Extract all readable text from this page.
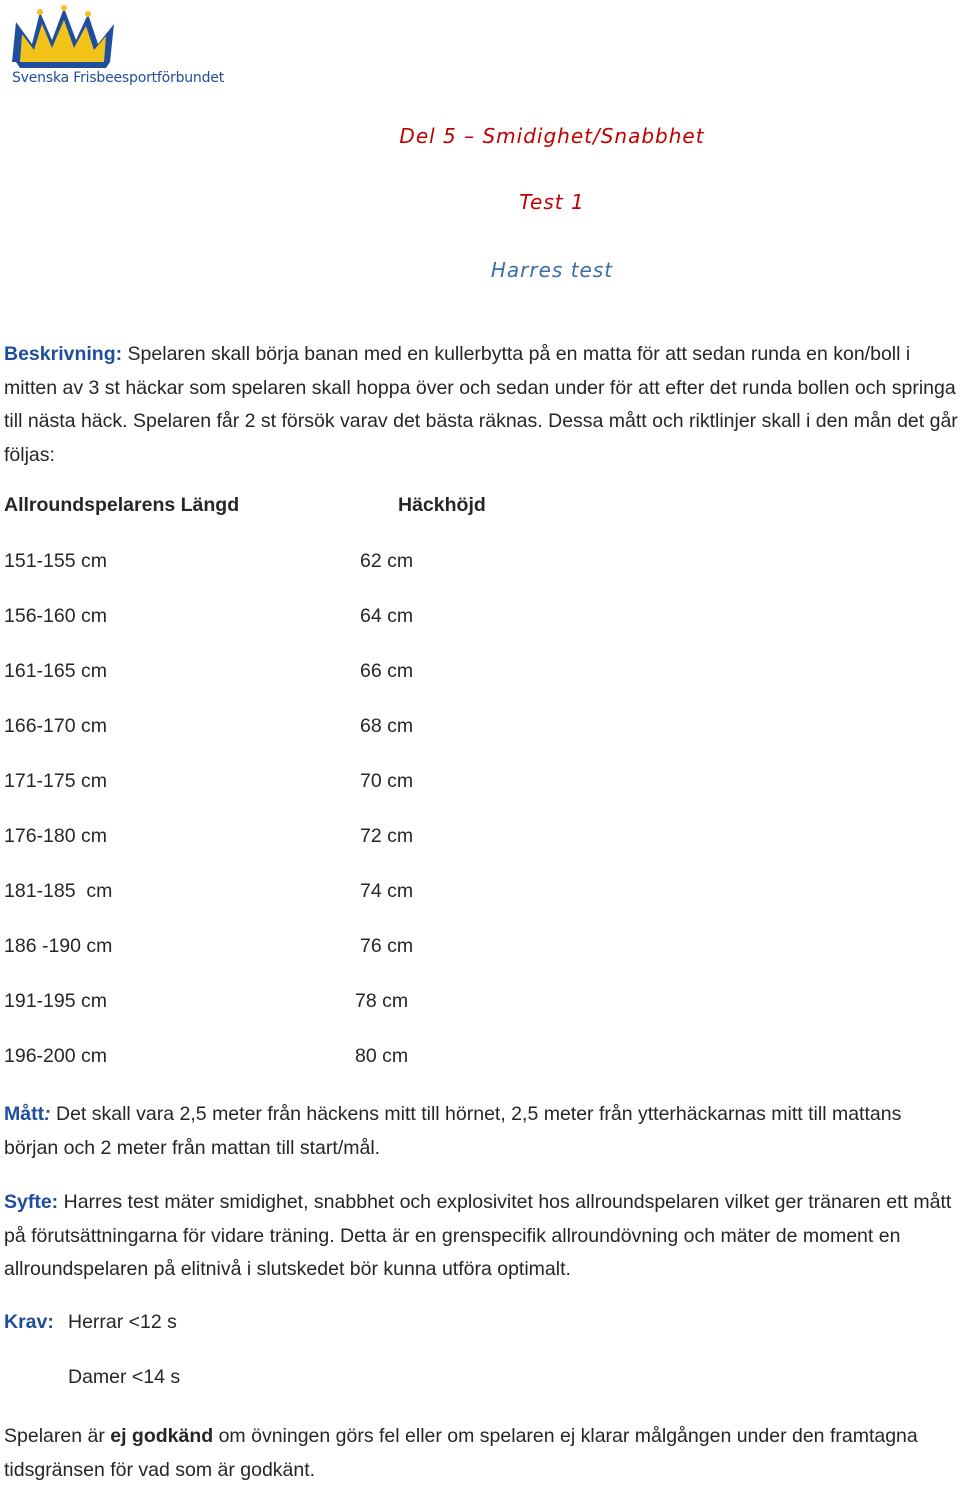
Svenska Frisbeesportförbundet
Del 5 – Smidighet/Snabbhet
Test 1
Harres test
Beskrivning: Spelaren skall börja banan med en kullerbytta på en matta för att sedan runda en kon/boll i mitten av 3 st häckar som spelaren skall hoppa över och sedan under för att efter det runda bollen och springa till nästa häck. Spelaren får 2 st försök varav det bästa räknas. Dessa mått och riktlinjer skall i den mån det går följas:
Allroundspelarens Längd	Häckhöjd
151-155 cm	62 cm
156-160 cm	64 cm
161-165 cm	66 cm
166-170 cm	68 cm
171-175 cm	70 cm
176-180 cm	72 cm
181-185  cm	74 cm
186 -190 cm	76 cm
191-195 cm	78 cm
196-200 cm	80 cm
Mått: Det skall vara 2,5 meter från häckens mitt till hörnet, 2,5 meter från ytterhäckarnas mitt till mattans början och 2 meter från mattan till start/mål.
Syfte: Harres test mäter smidighet, snabbhet och explosivitet hos allroundspelaren vilket ger tränaren ett mått på förutsättningarna för vidare träning. Detta är en grenspecifik allroundövning och mäter de moment en allroundspelaren på elitnivå i slutskedet bör kunna utföra optimalt.
Krav: Herrar <12 s
Damer <14 s
Spelaren är ej godkänd om övningen görs fel eller om spelaren ej klarar målgången under den framtagna tidsgränsen för vad som är godkänt.
